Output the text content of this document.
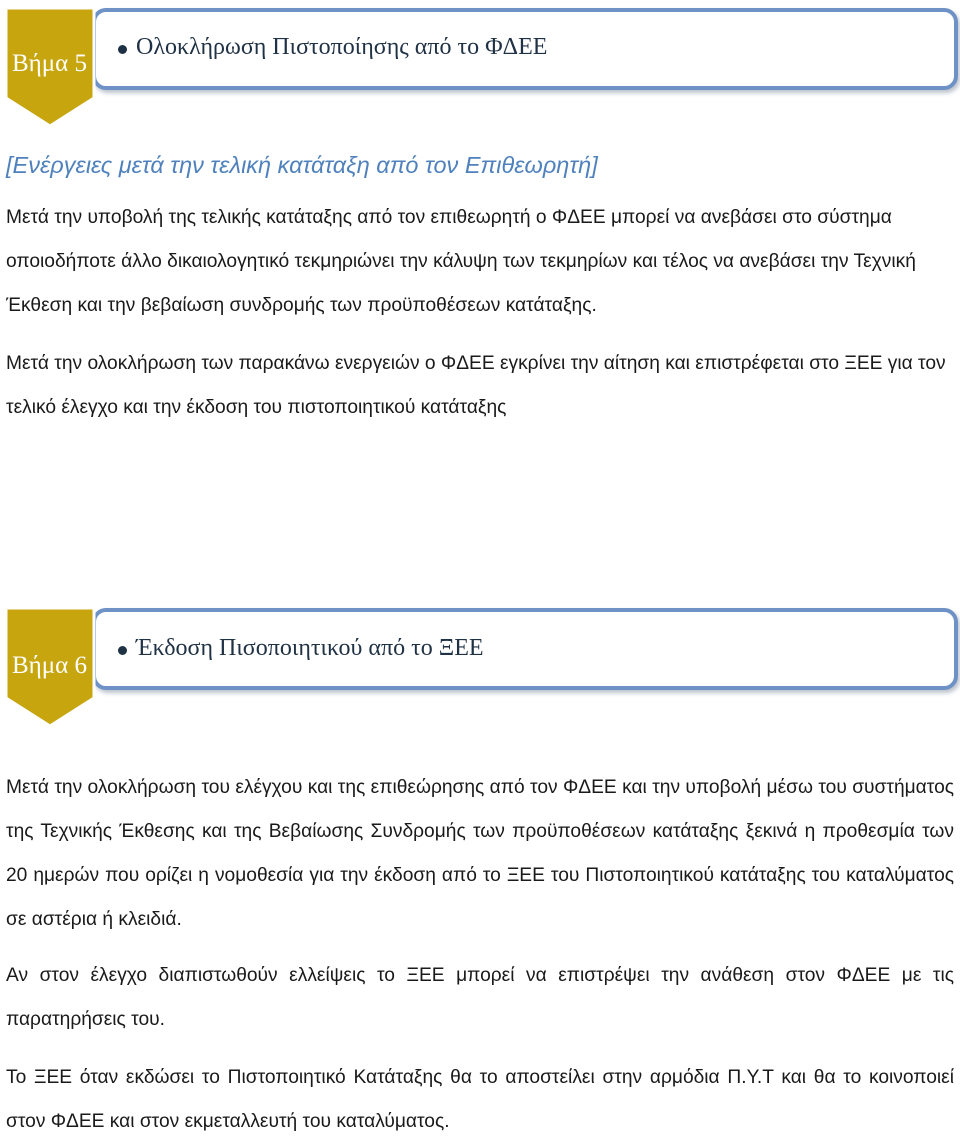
Ολοκλήρωση Πιστοποίησης από το ΦΔΕΕ
Βήμα 5
[Ενέργειες μετά την τελική κατάταξη από τον Επιθεωρητή]

Μετά την υποβολή της τελικής κατάταξης από τον επιθεωρητή ο ΦΔΕΕ μπορεί να ανεβάσει στο σύστημα οποιοδήποτε άλλο δικαιολογητικό τεκμηριώνει την κάλυψη των τεκμηρίων και τέλος να ανεβάσει την Τεχνική Έκθεση και την βεβαίωση συνδρομής των προϋποθέσεων κατάταξης.

Μετά την ολοκλήρωση των παρακάνω ενεργειών ο ΦΔΕΕ εγκρίνει την αίτηση και επιστρέφεται στο ΞΕΕ για τον τελικό έλεγχο και την έκδοση του πιστοποιητικού κατάταξης

Έκδοση Πισοποιητικού από το ΞΕΕ
Βήμα 6

Μετά την ολοκλήρωση του ελέγχου και της επιθεώρησης από τον ΦΔΕΕ και την υποβολή μέσω του συστήματος της Τεχνικής Έκθεσης και της Βεβαίωσης Συνδρομής των προϋποθέσεων κατάταξης ξεκινά η προθεσμία των 20 ημερών που ορίζει η νομοθεσία για την έκδοση από το ΞΕΕ του Πιστοποιητικού κατάταξης του καταλύματος σε αστέρια ή κλειδιά.

Αν στον έλεγχο διαπιστωθούν ελλείψεις το ΞΕΕ μπορεί να επιστρέψει την ανάθεση στον ΦΔΕΕ με τις παρατηρήσεις του.

Το ΞΕΕ όταν εκδώσει το Πιστοποιητικό Κατάταξης θα το αποστείλει στην αρμόδια Π.Υ.Τ και θα το κοινοποιεί στον ΦΔΕΕ και στον εκμεταλλευτή του καταλύματος.
